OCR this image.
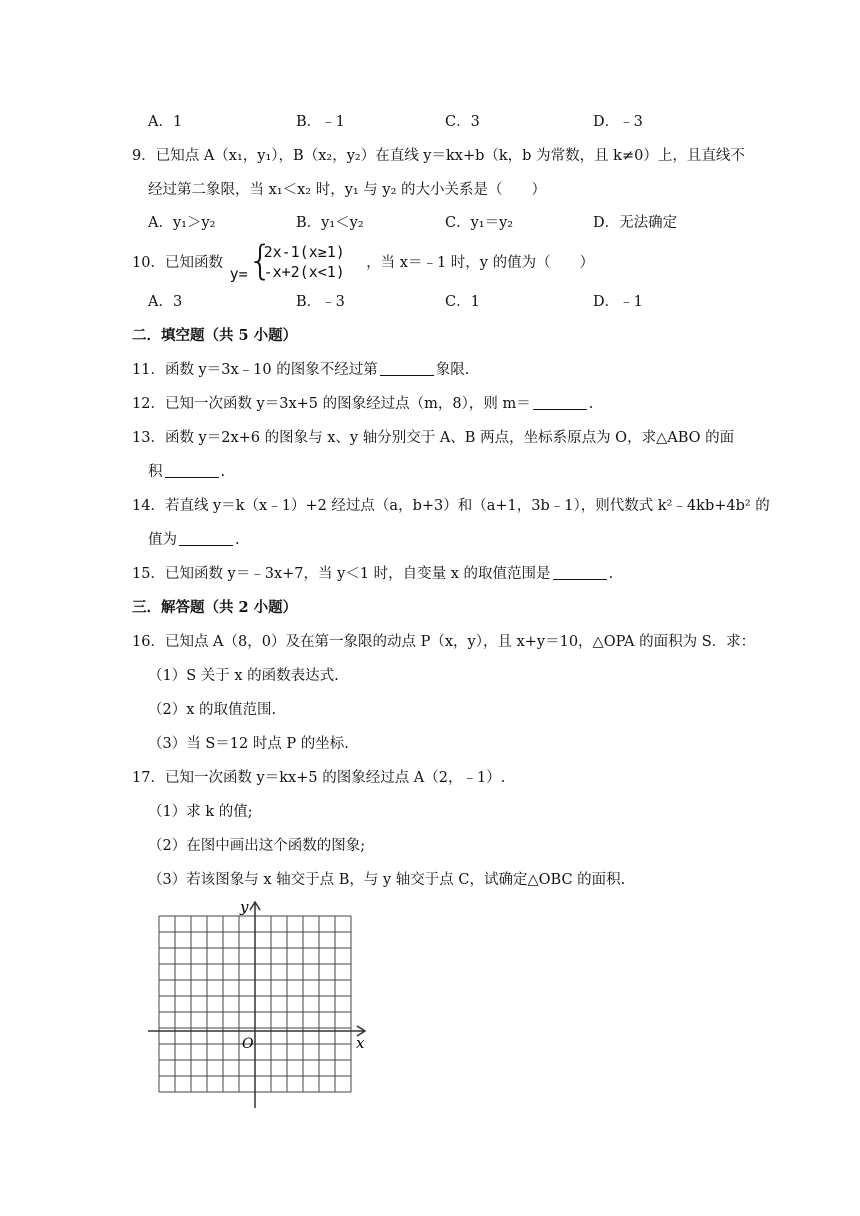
A．1	B．﹣1	C．3	D．﹣3
9．已知点 A（x₁，y₁），B（x₂，y₂）在直线 y＝kx+b（k，b 为常数，且 k≠0）上，且直线不
经过第二象限，当 x₁＜x₂ 时，y₁ 与 y₂ 的大小关系是（　　）
A．y₁＞y₂	B．y₁＜y₂	C．y₁＝y₂	D．无法确定
10．已知函数
y= {
2x-1(x≥1)
-x+2(x<1) ，当 x＝﹣1 时，y 的值为（　　）
A．3	B．﹣3	C．1	D．﹣1
二．填空题（共 5 小题）
11．函数 y＝3x﹣10 的图象不经过第	象限.
12．已知一次函数 y＝3x+5 的图象经过点（m，8），则 m＝	.
13．函数 y＝2x+6 的图象与 x、y 轴分别交于 A、B 两点，坐标系原点为 O，求△ABO 的面
积	.
14．若直线 y＝k（x﹣1）+2 经过点（a，b+3）和（a+1，3b﹣1），则代数式 k²﹣4kb+4b² 的
值为	.
15．已知函数 y＝﹣3x+7，当 y＜1 时，自变量 x 的取值范围是	.
三．解答题（共 2 小题）
16．已知点 A（8，0）及在第一象限的动点 P（x，y），且 x+y＝10，△OPA 的面积为 S．求：
（1）S 关于 x 的函数表达式.
（2）x 的取值范围.
（3）当 S＝12 时点 P 的坐标.
17．已知一次函数 y＝kx+5 的图象经过点 A（2，﹣1）.
（1）求 k 的值;
（2）在图中画出这个函数的图象;
（3）若该图象与 x 轴交于点 B，与 y 轴交于点 C，试确定△OBC 的面积.
y
x
O
